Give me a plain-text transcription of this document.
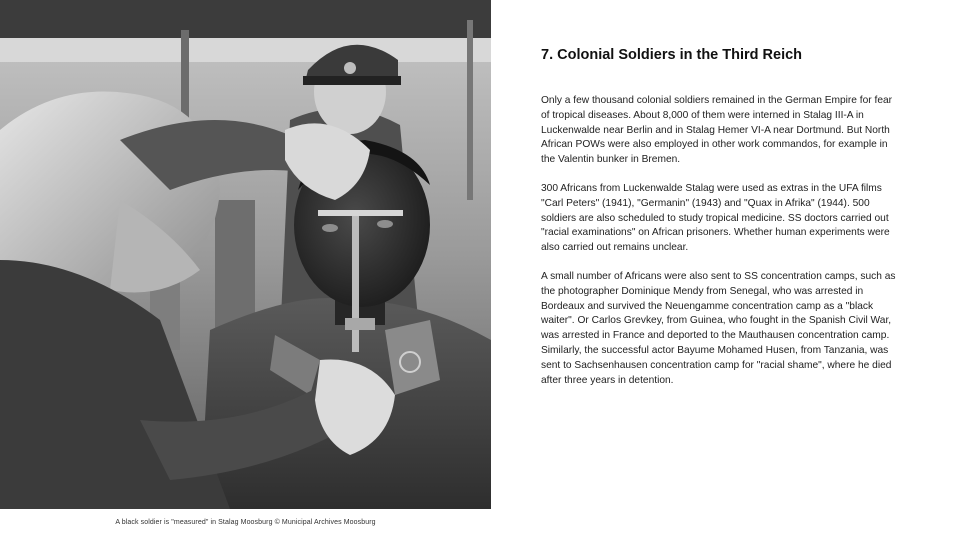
A black soldier is "measured" in Stalag Moosburg © Municipal Archives Moosburg
7. Colonial Soldiers in the Third Reich

Only a few thousand colonial soldiers remained in the German Empire for fear of tropical diseases. About 8,000 of them were interned in Stalag III-A in Luckenwalde near Berlin and in Stalag Hemer VI-A near Dortmund. But North African POWs were also employed in other work commandos, for example in the Valentin bunker in Bremen.

300 Africans from Luckenwalde Stalag were used as extras in the UFA films "Carl Peters" (1941), "Germanin" (1943) and "Quax in Afrika" (1944). 500 soldiers are also scheduled to study tropical medicine. SS doctors carried out "racial examinations" on African prisoners. Whether human experiments were also carried out remains unclear.

A small number of Africans were also sent to SS concentration camps, such as the photographer Dominique Mendy from Senegal, who was arrested in Bordeaux and survived the Neuengamme concentration camp as a "black waiter". Or Carlos Grevkey, from Guinea, who fought in the Spanish Civil War, was arrested in France and deported to the Mauthausen concentration camp. Similarly, the successful actor Bayume Mohamed Husen, from Tanzania, was sent to Sachsenhausen concentration camp for "racial shame", where he died after three years in detention.
